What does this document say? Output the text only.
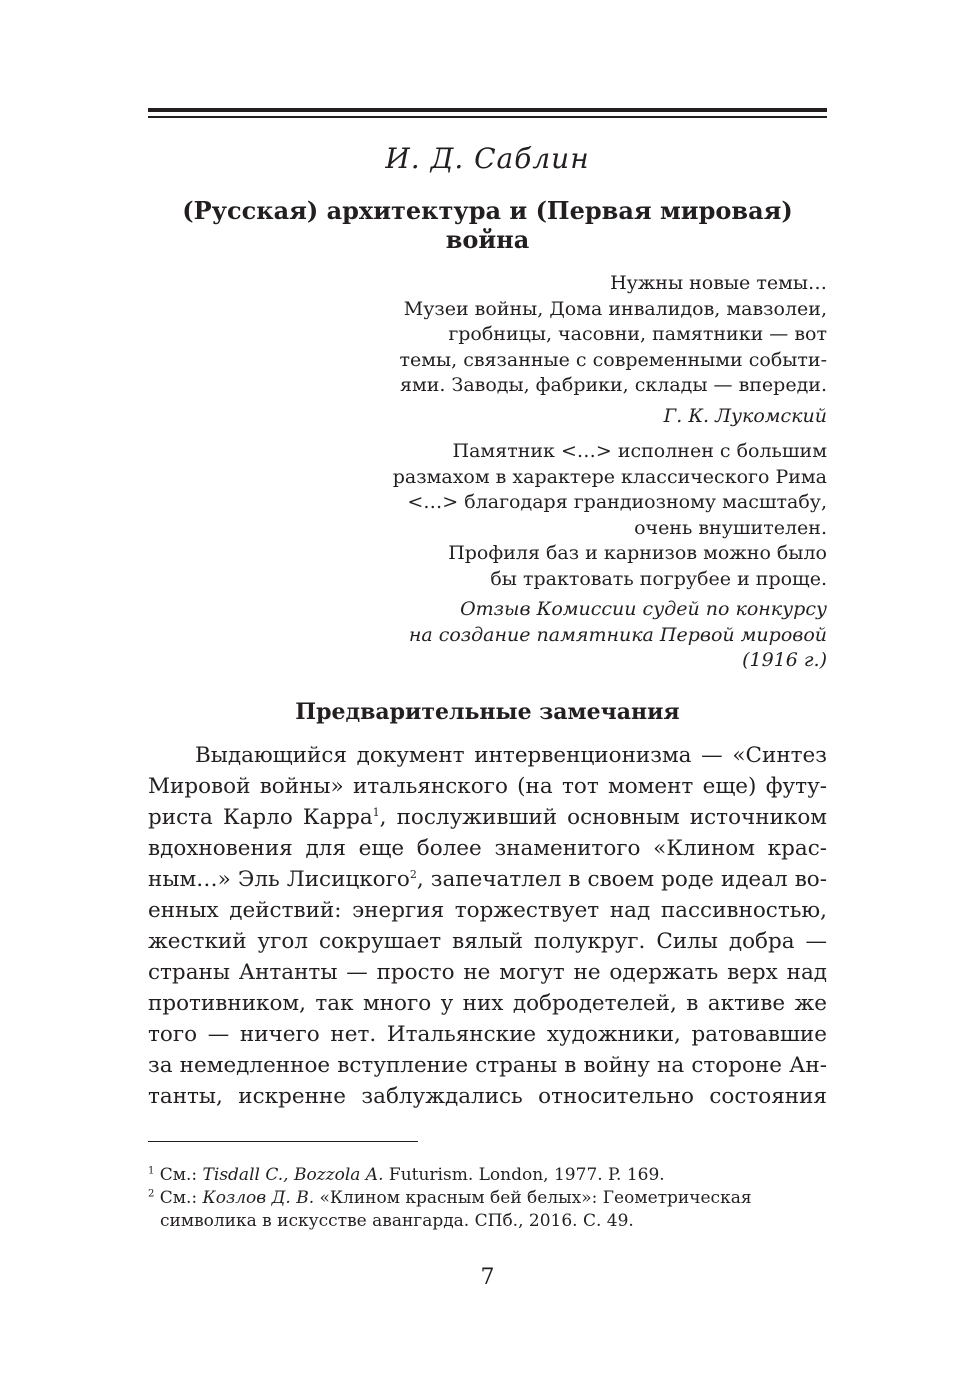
И. Д. Саблин
(Русская) архитектура и (Первая мировая)
война
Нужны новые темы…
Музеи войны, Дома инвалидов, мавзолеи,
гробницы, часовни, памятники — вот
темы, связанные с современными событи-
ями. Заводы, фабрики, склады — впереди.
Г. К. Лукомский
Памятник <…> исполнен с большим
размахом в характере классического Рима
<…> благодаря грандиозному масштабу,
очень внушителен.
Профиля баз и карнизов можно было
бы трактовать погрубее и проще.
Отзыв Комиссии судей по конкурсу
на создание памятника Первой мировой
(1916 г.)
Предварительные замечания
Выдающийся документ интервенционизма — «Синтез
Мировой войны» итальянского (на тот момент еще) футу-
риста Карло Карра$^1$, послуживший основным источником
вдохновения для еще более знаменитого «Клином крас-
ным…» Эль Лисицкого$^2$, запечатлел в своем роде идеал во-
енных действий: энергия торжествует над пассивностью,
жесткий угол сокрушает вялый полукруг. Силы добра —
страны Антанты — просто не могут не одержать верх над
противником, так много у них добродетелей, в активе же
того — ничего нет. Итальянские художники, ратовавшие
за немедленное вступление страны в войну на стороне Ан-
танты, искренне заблуждались относительно состояния
$^1$ См.: Tisdall C., Bozzola A. Futurism. London, 1977. P. 169.
$^2$ См.: Козлов Д. В. «Клином красным бей белых»: Геометрическая
символика в искусстве авангарда. СПб., 2016. С. 49.
7
